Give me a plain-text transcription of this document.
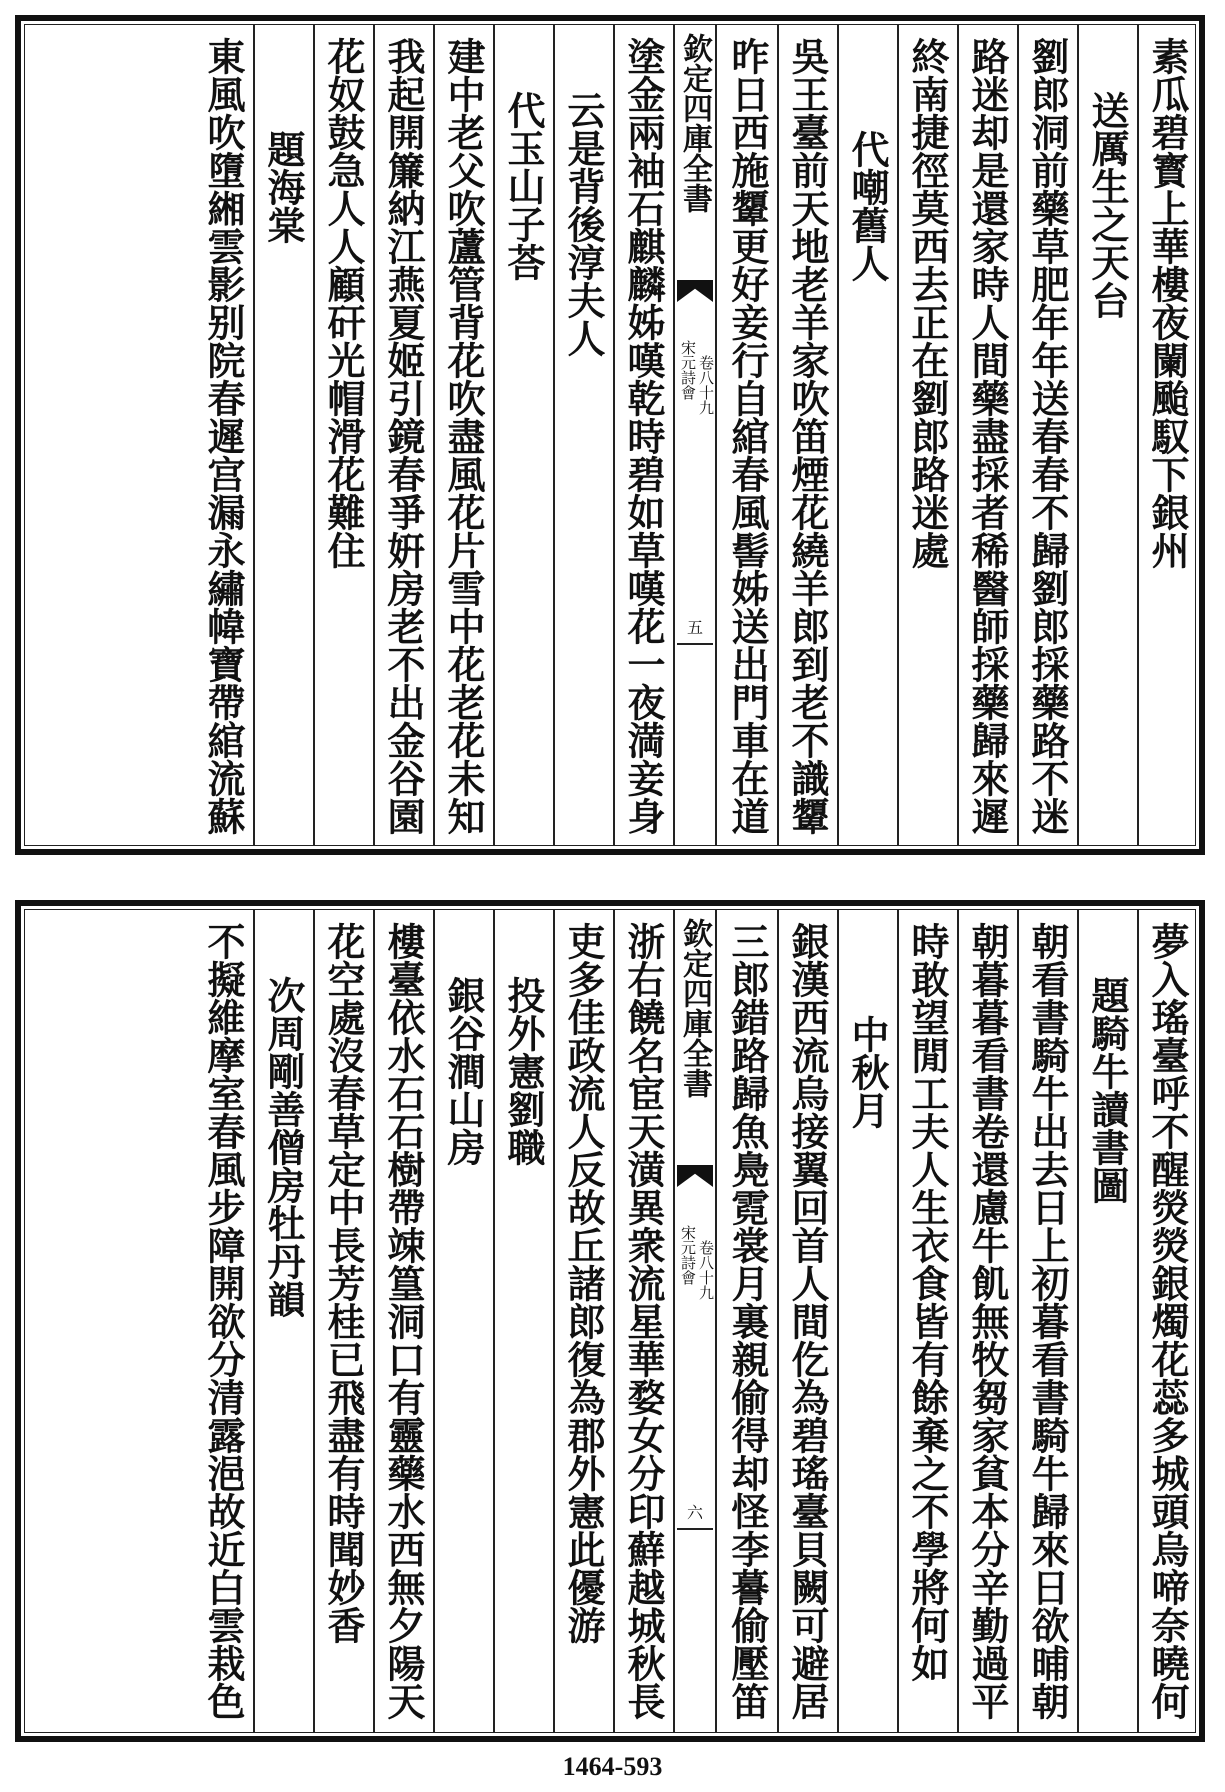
素瓜碧寳上華樓夜闌颱馭下銀州
送厲生之天台
劉郎洞前藥草肥年年送春春不歸劉郎採藥路不迷
路迷却是還家時人間藥盡採者稀醫師採藥歸來遲
終南捷徑莫西去正在劉郎路迷處
代嘲舊人
吳王臺前天地老羊家吹笛煙花繞羊郎到老不識顰
昨日西施顰更好妾行自綰春風髻姊送出門車在道
欽定四庫全書
宋元詩會 卷八十九
五
塗金兩袖石麒麟姊嘆乾時碧如草嘆花一夜満妾身
云是背後淳夫人
代玉山子荅
建中老父吹蘆管背花吹盡風花片雪中花老花未知
我起開簾納江燕夏姬引鏡春爭姸房老不出金谷園
花奴鼓急人人顧矸光帽滑花難住
題海棠
東風吹墮緗雲影别院春遲宫漏永繡幃寶帶綰流蘇
夢入瑤臺呼不醒熒熒銀燭花蕊多城頭烏啼奈曉何
題騎牛讀書圖
朝看書騎牛出去日上初暮看書騎牛歸來日欲晡朝
朝暮暮看書卷還慮牛飢無牧芻家貧本分辛勤過平
時敢望閒工夫人生衣食皆有餘棄之不學將何如
中秋月
銀漢西流烏接翼回首人間仡為碧瑤臺貝闕可避居
三郎錯路歸魚鳧霓裳月裏親偷得却怪李謩偷壓笛
欽定四庫全書
宋元詩會 卷八十九
六
浙右饒名宦天潢異衆流星華婺女分印蘚越城秋長
吏多佳政流人反故丘諸郎復為郡外憲此優游
投外憲劉職
銀谷澗山房
樓臺依水石石樹帶竦篁洞口有靈藥水西無夕陽天
花空處沒春草定中長芳桂已飛盡有時聞妙香
次周剛善僧房牡丹韻
不擬維摩室春風步障開欲分清露浥故近白雲栽色
1464-593
